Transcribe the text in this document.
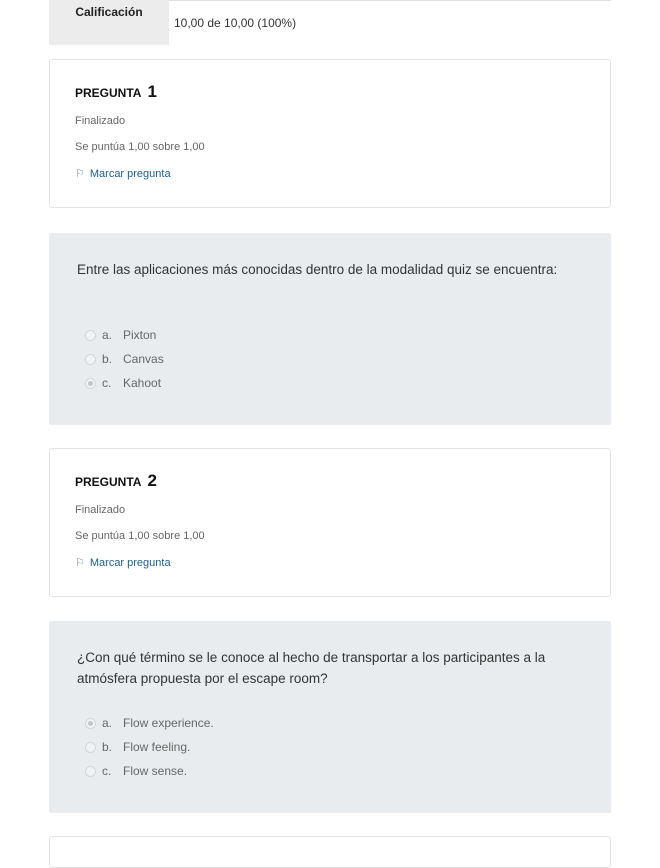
Calificación
10,00 de 10,00 (100%)
PREGUNTA 1
Finalizado
Se puntúa 1,00 sobre 1,00
⚐ Marcar pregunta
Entre las aplicaciones más conocidas dentro de la modalidad quiz se encuentra:
a. Pixton
b. Canvas
c. Kahoot
PREGUNTA 2
Finalizado
Se puntúa 1,00 sobre 1,00
⚐ Marcar pregunta
¿Con qué término se le conoce al hecho de transportar a los participantes a la atmósfera propuesta por el escape room?
a. Flow experience.
b. Flow feeling.
c. Flow sense.
